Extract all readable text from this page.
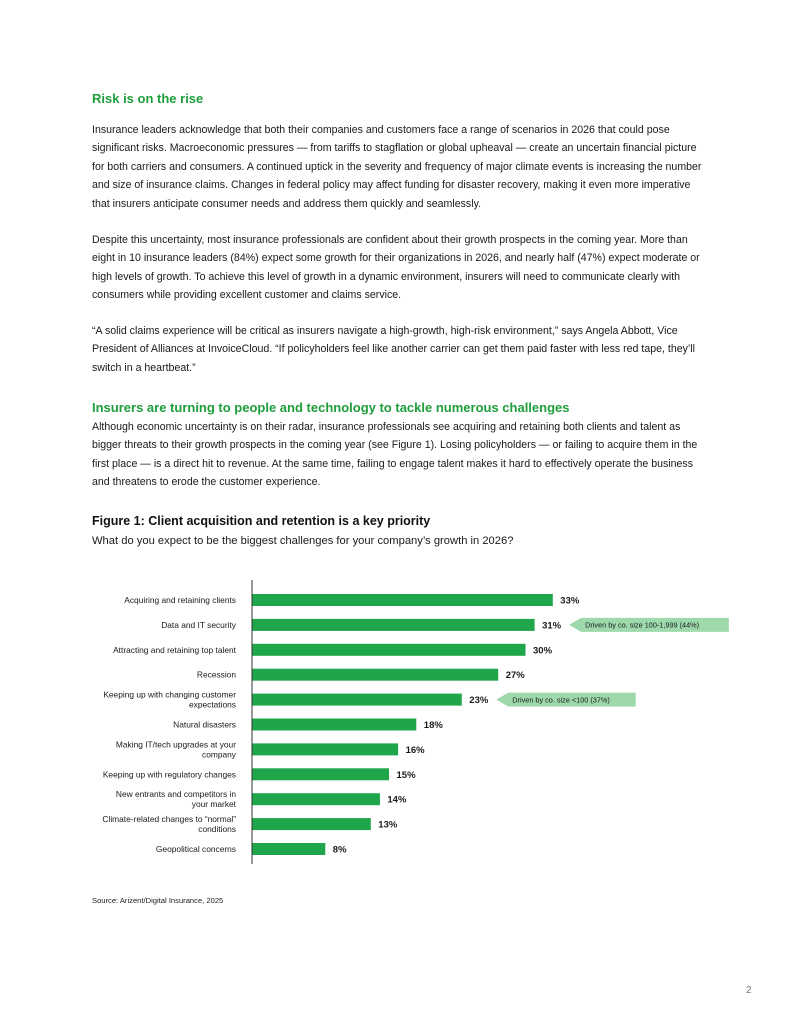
Risk is on the rise

Insurance leaders acknowledge that both their companies and customers face a range of scenarios in 2026 that could pose significant risks. Macroeconomic pressures — from tariffs to stagflation or global upheaval — create an uncertain financial picture for both carriers and consumers. A continued uptick in the severity and frequency of major climate events is increasing the number and size of insurance claims. Changes in federal policy may affect funding for disaster recovery, making it even more imperative that insurers anticipate consumer needs and address them quickly and seamlessly.

Despite this uncertainty, most insurance professionals are confident about their growth prospects in the coming year. More than eight in 10 insurance leaders (84%) expect some growth for their organizations in 2026, and nearly half (47%) expect moderate or high levels of growth. To achieve this level of growth in a dynamic environment, insurers will need to communicate clearly with consumers while providing excellent customer and claims service.

“A solid claims experience will be critical as insurers navigate a high-growth, high-risk environment,” says Angela Abbott, Vice President of Alliances at InvoiceCloud. “If policyholders feel like another carrier can get them paid faster with less red tape, they’ll switch in a heartbeat.”

Insurers are turning to people and technology to tackle numerous challenges

Although economic uncertainty is on their radar, insurance professionals see acquiring and retaining both clients and talent as bigger threats to their growth prospects in the coming year (see Figure 1). Losing policyholders — or failing to acquire them in the first place — is a direct hit to revenue. At the same time, failing to engage talent makes it hard to effectively operate the business and threatens to erode the customer experience.

Figure 1: Client acquisition and retention is a key priority

What do you expect to be the biggest challenges for your company’s growth in 2026?

Acquiring and retaining clients	33%
Data and IT security	31%
Attracting and retaining top talent	30%
Recession	27%
Keeping up with changing customer expectations	23%
Natural disasters	18%
Making IT/tech upgrades at your company	16%
Keeping up with regulatory changes	15%
New entrants and competitors in your market	14%
Climate-related changes to “normal” conditions	13%
Geopolitical concerns	8%
Driven by co. size 100-1,999 (44%)
Driven by co. size <100 (37%)

Source: Arizent/Digital Insurance, 2025

2
